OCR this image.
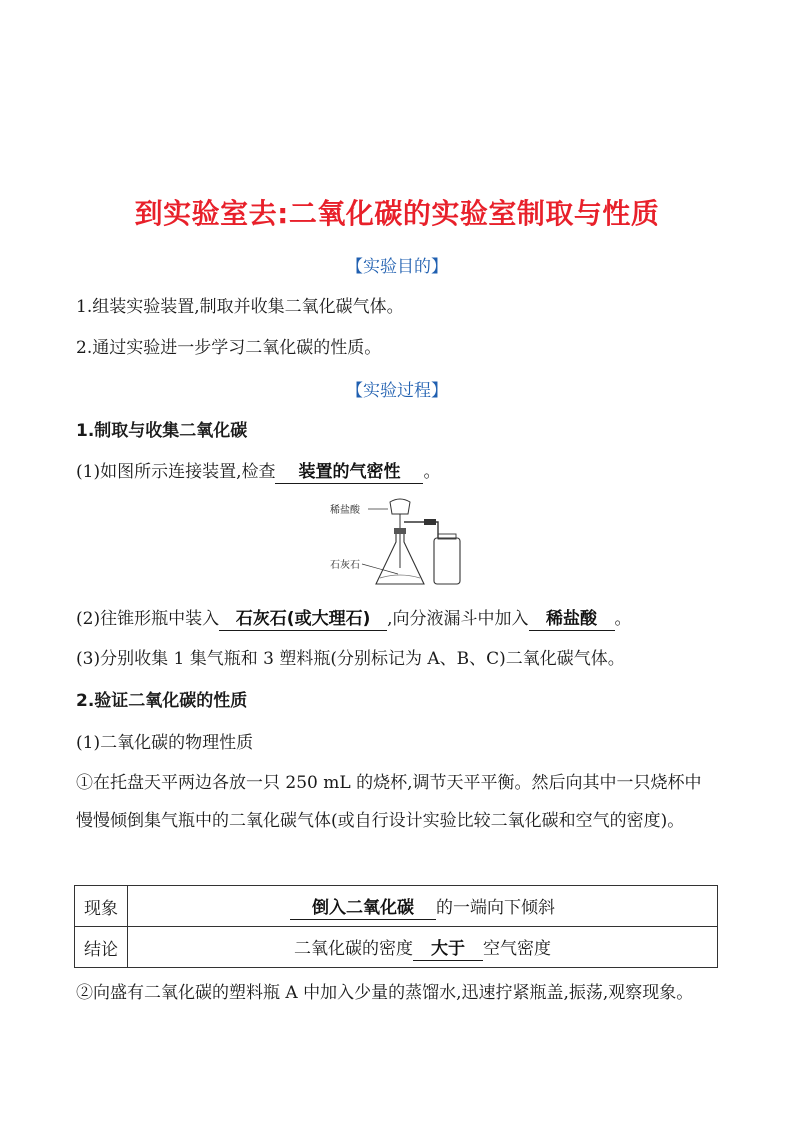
到实验室去:二氧化碳的实验室制取与性质
【实验目的】
1.组装实验装置,制取并收集二氧化碳气体。
2.通过实验进一步学习二氧化碳的性质。
【实验过程】
1.制取与收集二氧化碳
(1)如图所示连接装置,检查 装置的气密性 。
稀盐酸
石灰石
(2)往锥形瓶中装入 石灰石(或大理石) ,向分液漏斗中加入 稀盐酸 。
(3)分别收集 1 集气瓶和 3 塑料瓶(分别标记为 A、B、C)二氧化碳气体。
2.验证二氧化碳的性质
(1)二氧化碳的物理性质
①在托盘天平两边各放一只 250 mL 的烧杯,调节天平平衡。然后向其中一只烧杯中慢慢倾倒集气瓶中的二氧化碳气体(或自行设计实验比较二氧化碳和空气的密度)。
现象	倒入二氧化碳 的一端向下倾斜
结论	二氧化碳的密度 大于 空气密度
②向盛有二氧化碳的塑料瓶 A 中加入少量的蒸馏水,迅速拧紧瓶盖,振荡,观察现象。
